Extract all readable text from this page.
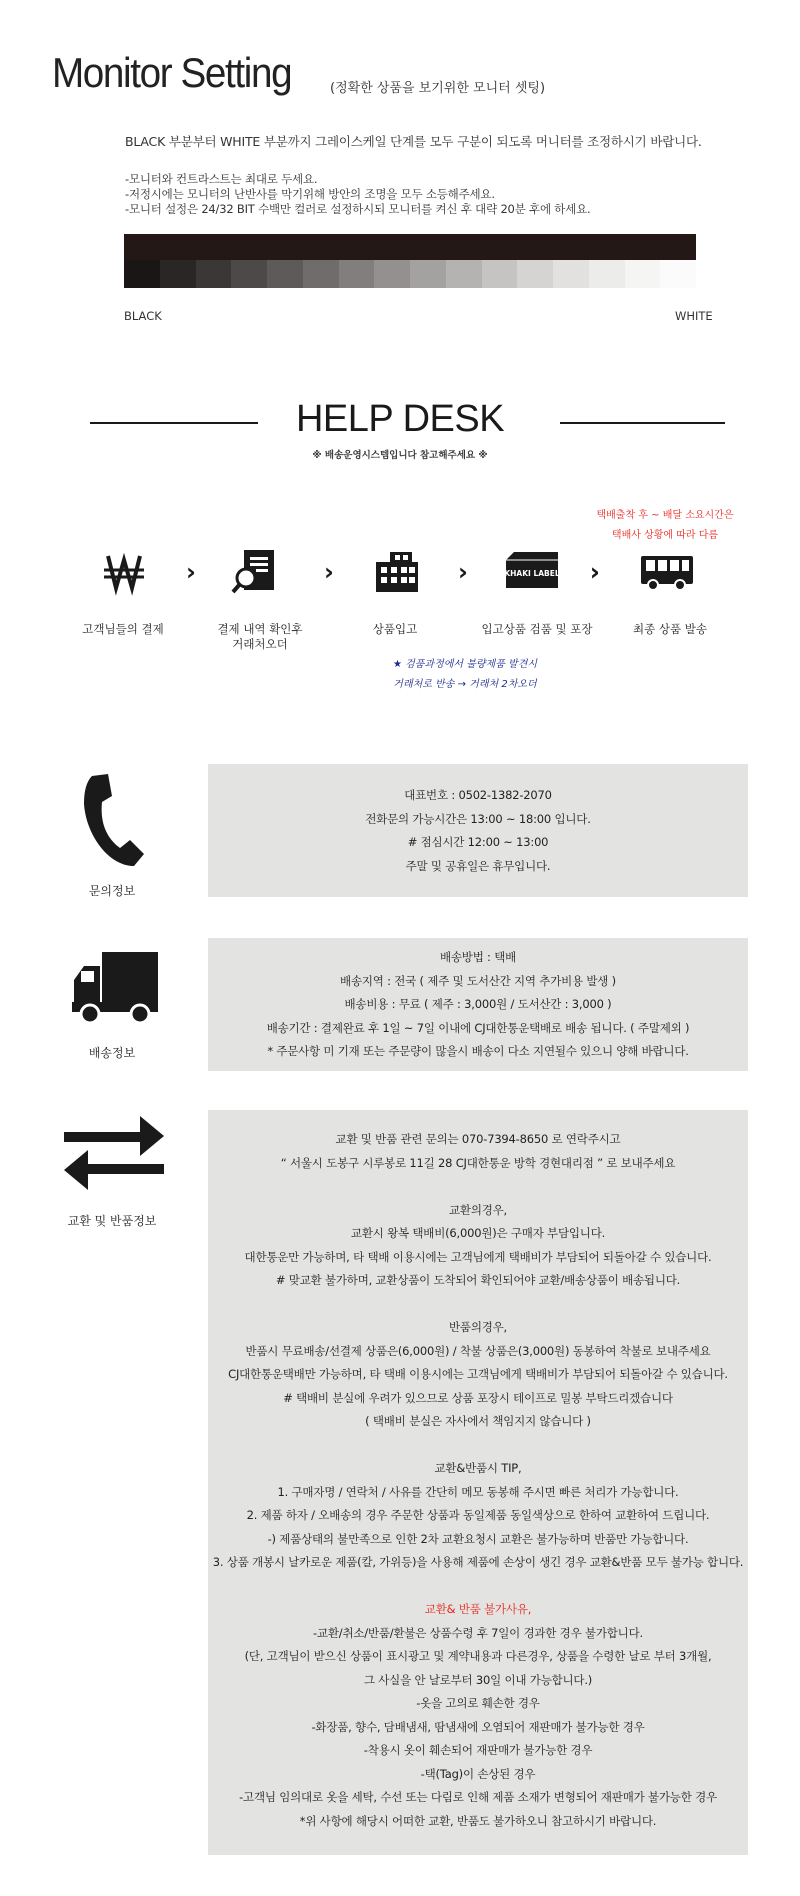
Monitor Setting	(정확한 상품을 보기위한 모니터 셋팅)
BLACK 부분부터 WHITE 부분까지 그레이스케일 단계를 모두 구분이 되도록 머니터를 조정하시기 바랍니다.
-모니터와 컨트라스트는 최대로 두세요.
-저정시에는 모니터의 난반사를 막기위해 방안의 조명을 모두 소등해주세요.
-모니터 설정은 24/32 BIT 수백만 컬러로 설정하시되 모니터를 켜신 후 대략 20분 후에 하세요.
BLACK	WHITE
HELP DESK
※ 배송운영시스템입니다 참고해주세요 ※
택배출착 후 ~ 배달 소요시간은
택배사 상황에 따라 다름
›	›	›	KHAKI LABEL
고객님들의 결제	결제 내역 확인후
거래처오더
상품입고	입고상품 검품 및 포장	최종 상품 발송
★ 검품과정에서 불량제품 발견시
거래처로 반송 → 거래처 2차오더
문의정보
대표번호 : 0502-1382-2070
전화문의 가능시간은 13:00 ~ 18:00 입니다.
# 점심시간 12:00 ~ 13:00
주말 및 공휴일은 휴무입니다.
배송정보
배송방법 : 택배
배송지역 : 전국 ( 제주 및 도서산간 지역 추가비용 발생 )
배송비용 : 무료 ( 제주 : 3,000원 / 도서산간 : 3,000 )
배송기간 : 결제완료 후 1일 ~ 7일 이내에 CJ대한통운택배로 배송 됩니다. ( 주말제외 )
* 주문사항 미 기재 또는 주문량이 많을시 배송이 다소 지연될수 있으니 양해 바랍니다.
교환 및 반품정보
교환 및 반품 관련 문의는 070-7394-8650 로 연락주시고
“ 서울시 도봉구 시루봉로 11길 28 CJ대한통운 방학 경현대리점 ” 로 보내주세요
교환의경우,
교환시 왕복 택배비(6,000원)은 구매자 부담입니다.
대한통운만 가능하며, 타 택배 이용시에는 고객님에게 택배비가 부담되어 되돌아갈 수 있습니다.
# 맞교환 불가하며, 교환상품이 도착되어 확인되어야 교환/배송상품이 배송됩니다.
반품의경우,
반품시 무료배송/선결제 상품은(6,000원) / 착불 상품은(3,000원) 동봉하여 착불로 보내주세요
CJ대한통운택배만 가능하며, 타 택배 이용시에는 고객님에게 택배비가 부담되어 되돌아갈 수 있습니다.
# 택배비 분실에 우려가 있으므로 상품 포장시 테이프로 밀봉 부탁드리겠습니다
( 택배비 분실은 자사에서 책임지지 않습니다 )
교환&반품시 TIP,
1. 구매자명 / 연락처 / 사유를 간단히 메모 동봉해 주시면 빠른 처리가 가능합니다.
2. 제품 하자 / 오배송의 경우 주문한 상품과 동일제품 동일색상으로 한하여 교환하여 드립니다.
-) 제품상태의 불만족으로 인한 2차 교환요청시 교환은 불가능하며 반품만 가능합니다.
3. 상품 개봉시 날카로운 제품(칼, 가위등)을 사용해 제품에 손상이 생긴 경우 교환&반품 모두 불가능 합니다.
교환& 반품 불가사유,
-교환/취소/반품/환불은 상품수령 후 7일이 경과한 경우 불가합니다.
(단, 고객님이 받으신 상품이 표시광고 및 계약내용과 다른경우, 상품을 수령한 날로 부터 3개월,
그 사실을 안 날로부터 30일 이내 가능합니다.)
-옷을 고의로 훼손한 경우
-화장품, 향수, 담배냄새, 땀냄새에 오염되어 재판매가 불가능한 경우
-착용시 옷이 훼손되어 재판매가 불가능한 경우
-택(Tag)이 손상된 경우
-고객님 임의대로 옷을 세탁, 수선 또는 다림로 인해 제품 소재가 변형되어 재판매가 불가능한 경우
*위 사항에 해당시 어떠한 교환, 반품도 불가하오니 참고하시기 바랍니다.
